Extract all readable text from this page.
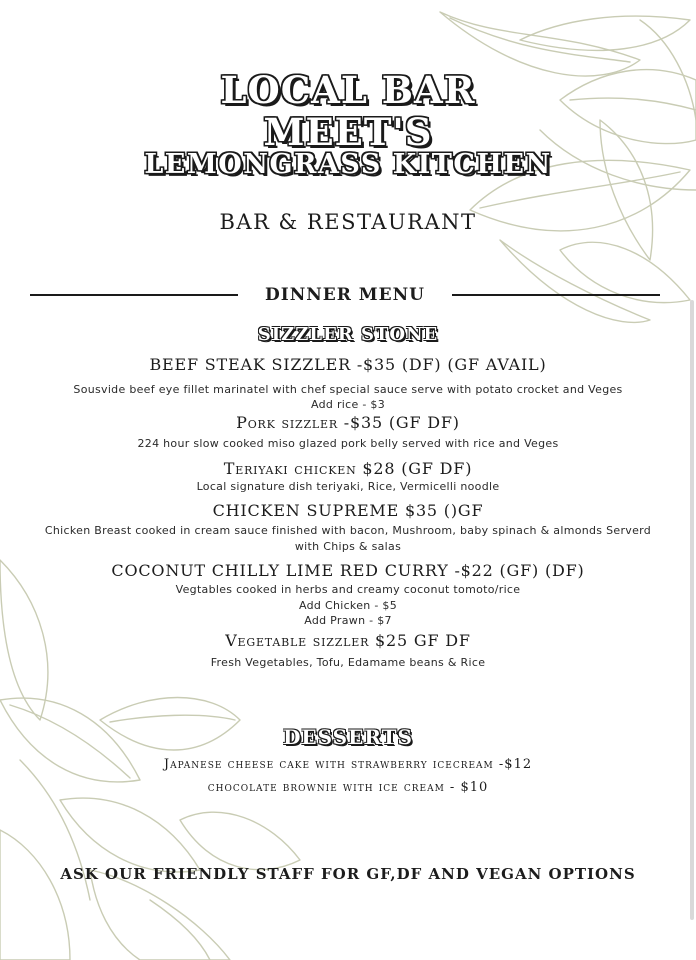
LOCAL BAR
MEET'S
LEMONGRASS KITCHEN
BAR & RESTAURANT
DINNER MENU
SIZZLER STONE
BEEF STEAK SIZZLER -$35 (DF) (GF AVAIL)
Sousvide beef eye fillet marinatel with chef special sauce serve with potato crocket and Veges
Add rice - $3
Pork sizzler -$35 (GF DF)
224 hour slow cooked miso glazed pork belly served with rice and Veges
Teriyaki chicken $28 (GF DF)
Local signature dish teriyaki, Rice, Vermicelli noodle
CHICKEN SUPREME $35 ()GF
Chicken Breast cooked in cream sauce finished with bacon, Mushroom, baby spinach & almonds Serverd
with Chips & salas
COCONUT CHILLY LIME RED CURRY -$22 (GF) (DF)
Vegtables cooked in herbs and creamy coconut tomoto/rice
Add Chicken - $5
Add Prawn - $7
Vegetable sizzler $25 GF DF
Fresh Vegetables, Tofu, Edamame beans & Rice
DESSERTS
Japanese cheese cake with strawberry icecream -$12
chocolate brownie with ice cream - $10
ASK OUR FRIENDLY STAFF FOR GF,DF AND VEGAN OPTIONS
